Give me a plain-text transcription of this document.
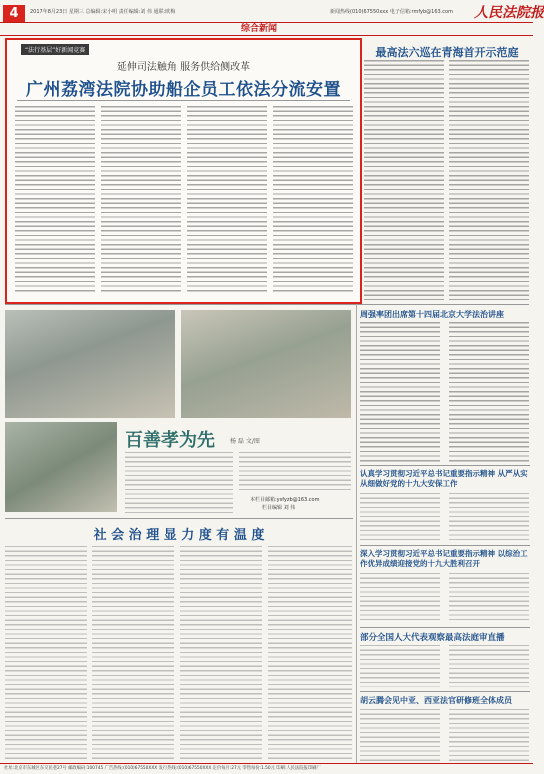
4	2017年8月23日 星期三 总编辑:宋小明 责任编辑:刘 伟 通联:欧梅	新闻热线(010)67550xxx 电子信箱:rmfyb@163.com 人民法院报
综合新闻
“法行基层”好新闻竞赛
延伸司法触角 服务供给侧改革
广州荔湾法院协助船企员工依法分流安置
最高法六巡在青海首开示范庭
周强率团出席第十四届北京大学法治讲座
百善孝为先	杨 磊 文/图
本栏目邮箱:ysfyzb@163.com
栏目编辑 刘 伟
认真学习贯彻习近平总书记重要指示精神 从严从实从细做好党的十九大安保工作
深入学习贯彻习近平总书记重要指示精神 以综治工作优异成绩迎接党的十九大胜利召开
部分全国人大代表观察最高法庭审直播
胡云腾会见中亚、西亚法官研修班全体成员
社 会 治 理 显 力 度 有 温 度
社址:北京市东城区东交民巷27号 邮政编码:100745 广告热线:(010)67550XXX 发行热线:(010)67550XXX 定价每月:27元 零售每份:1.50元 印刷:人民法院报印刷厂
